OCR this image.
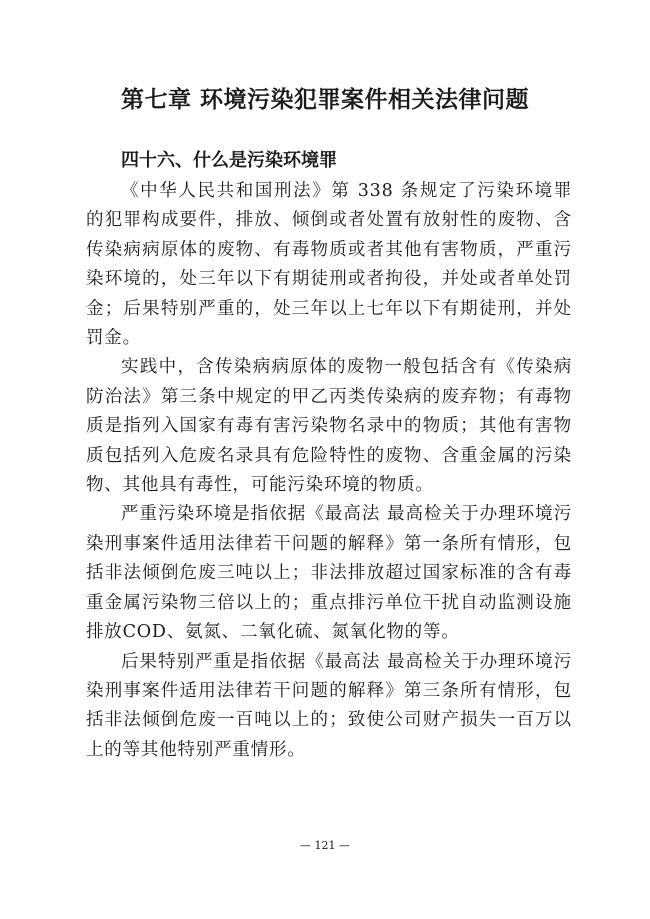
第七章 环境污染犯罪案件相关法律问题
四十六、什么是污染环境罪

《中华人民共和国刑法》第 338 条规定了污染环境罪的犯罪构成要件，排放、倾倒或者处置有放射性的废物、含传染病病原体的废物、有毒物质或者其他有害物质，严重污染环境的，处三年以下有期徒刑或者拘役，并处或者单处罚金；后果特别严重的，处三年以上七年以下有期徒刑，并处罚金。

实践中，含传染病病原体的废物一般包括含有《传染病防治法》第三条中规定的甲乙丙类传染病的废弃物；有毒物质是指列入国家有毒有害污染物名录中的物质；其他有害物质包括列入危废名录具有危险特性的废物、含重金属的污染物、其他具有毒性，可能污染环境的物质。

严重污染环境是指依据《最高法 最高检关于办理环境污染刑事案件适用法律若干问题的解释》第一条所有情形，包括非法倾倒危废三吨以上；非法排放超过国家标准的含有毒重金属污染物三倍以上的；重点排污单位干扰自动监测设施排放COD、氨氮、二氧化硫、氮氧化物的等。

后果特别严重是指依据《最高法 最高检关于办理环境污染刑事案件适用法律若干问题的解释》第三条所有情形，包括非法倾倒危废一百吨以上的；致使公司财产损失一百万以上的等其他特别严重情形。

— 121 —
